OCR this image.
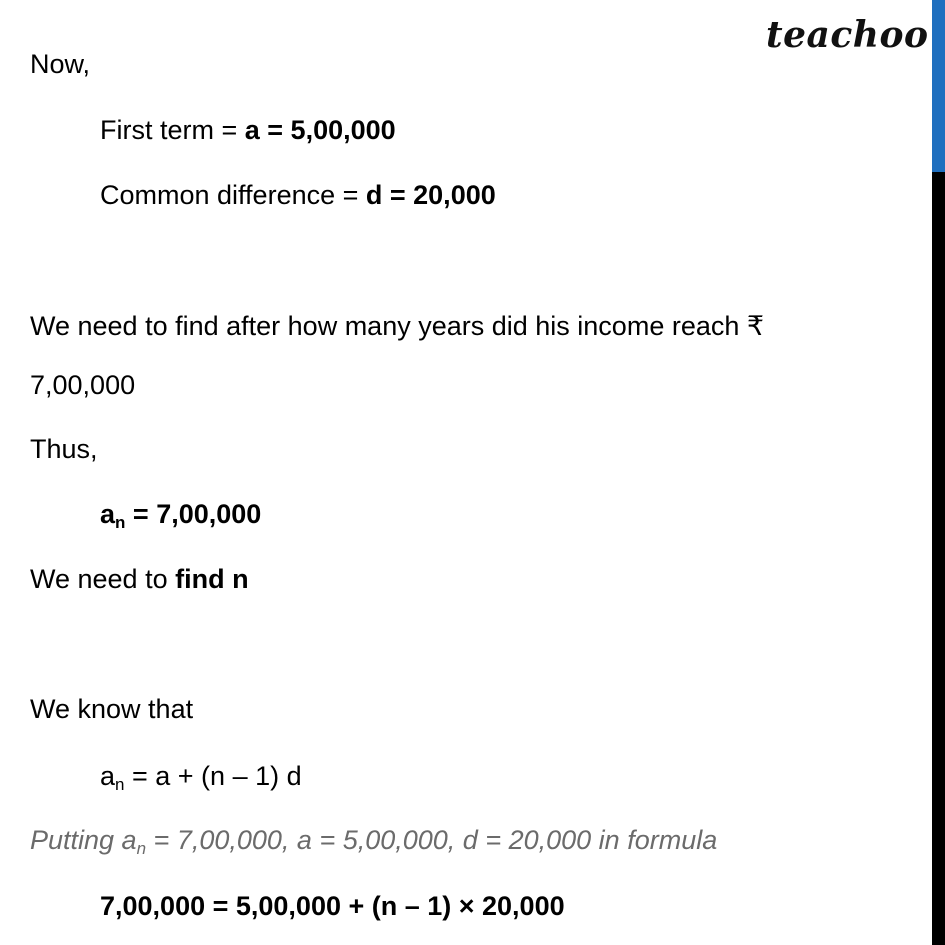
teachoo
Now,
First term = a = 5,00,000
Common difference = d = 20,000
We need to find after how many years did his income reach ₹
7,00,000
Thus,
$a_n = 7,00,000$
We need to find n
We know that
$a_n = a + (n - 1)$ d
Putting $a_n = 7,00,000$, a = 5,00,000, d = 20,000 in formula
7,00,000 = 5,00,000 + (n – 1) × 20,000
